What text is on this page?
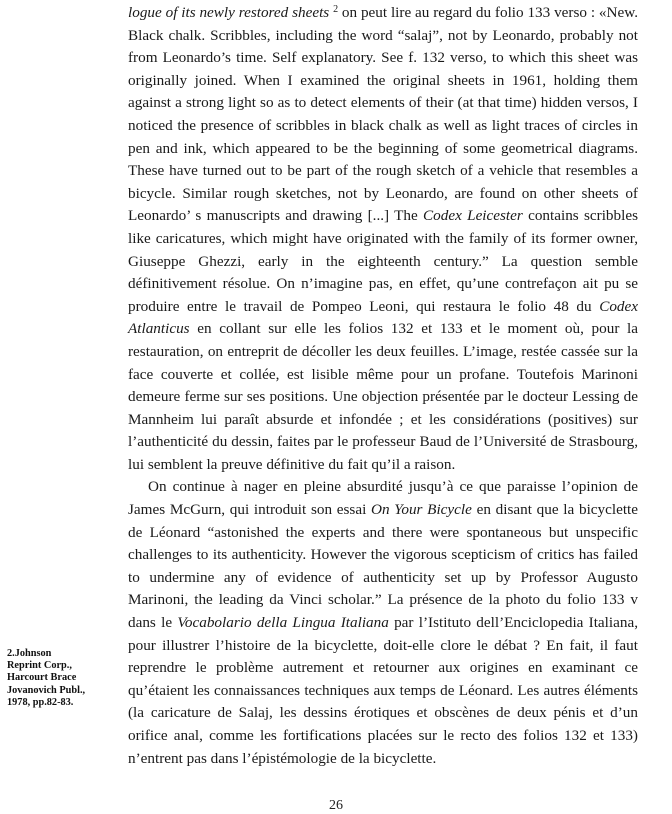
logue of its newly restored sheets $^2$ on peut lire au regard du folio 133 verso : «New. Black chalk. Scribbles, including the word “salaj”, not by Leonardo, probably not from Leonardo’s time. Self explanatory. See f. 132 verso, to which this sheet was originally joined. When I examined the original sheets in 1961, holding them against a strong light so as to detect elements of their (at that time) hidden versos, I noticed the presence of scribbles in black chalk as well as light traces of circles in pen and ink, which appeared to be the beginning of some geometrical diagrams. These have turned out to be part of the rough sketch of a vehicle that resembles a bicycle. Similar rough sketches, not by Leonardo, are found on other sheets of Leonardo’ s manuscripts and drawing [...] The Codex Leicester contains scribbles like caricatures, which might have originated with the family of its former owner, Giuseppe Ghezzi, early in the eighteenth century.” La question semble définitivement résolue. On n’imagine pas, en effet, qu’une contrefaçon ait pu se produire entre le travail de Pompeo Leoni, qui restaura le folio 48 du Codex Atlanticus en collant sur elle les folios 132 et 133 et le moment où, pour la restauration, on entreprit de décoller les deux feuilles. L’image, restée cassée sur la face couverte et collée, est lisible même pour un profane. Toutefois Marinoni demeure ferme sur ses positions. Une objection présentée par le docteur Lessing de Mannheim lui paraît absurde et infondée ; et les considérations (positives) sur l’authenticité du dessin, faites par le professeur Baud de l’Université de Strasbourg, lui semblent la preuve définitive du fait qu’il a raison.

On continue à nager en pleine absurdité jusqu’à ce que paraisse l’opinion de James McGurn, qui introduit son essai On Your Bicycle en disant que la bicyclette de Léonard “astonished the experts and there were spontaneous but unspecific challenges to its authenticity. However the vigorous scepticism of critics has failed to undermine any of evidence of authenticity set up by Professor Augusto Marinoni, the leading da Vinci scholar.” La présence de la photo du folio 133 v dans le Vocabolario della Lingua Italiana par l’Istituto dell’Enciclopedia Italiana, pour illustrer l’histoire de la bicyclette, doit-elle clore le débat ? En fait, il faut reprendre le problème autrement et retourner aux origines en examinant ce qu’étaient les connaissances techniques aux temps de Léonard. Les autres éléments (la caricature de Salaj, les dessins érotiques et obscènes de deux pénis et d’un orifice anal, comme les fortifications placées sur le recto des folios 132 et 133) n’entrent pas dans l’épistémologie de la bicyclette.

2.Johnson Reprint Corp., Harcourt Brace Jovanovich Publ., 1978, pp.82-83.
26
